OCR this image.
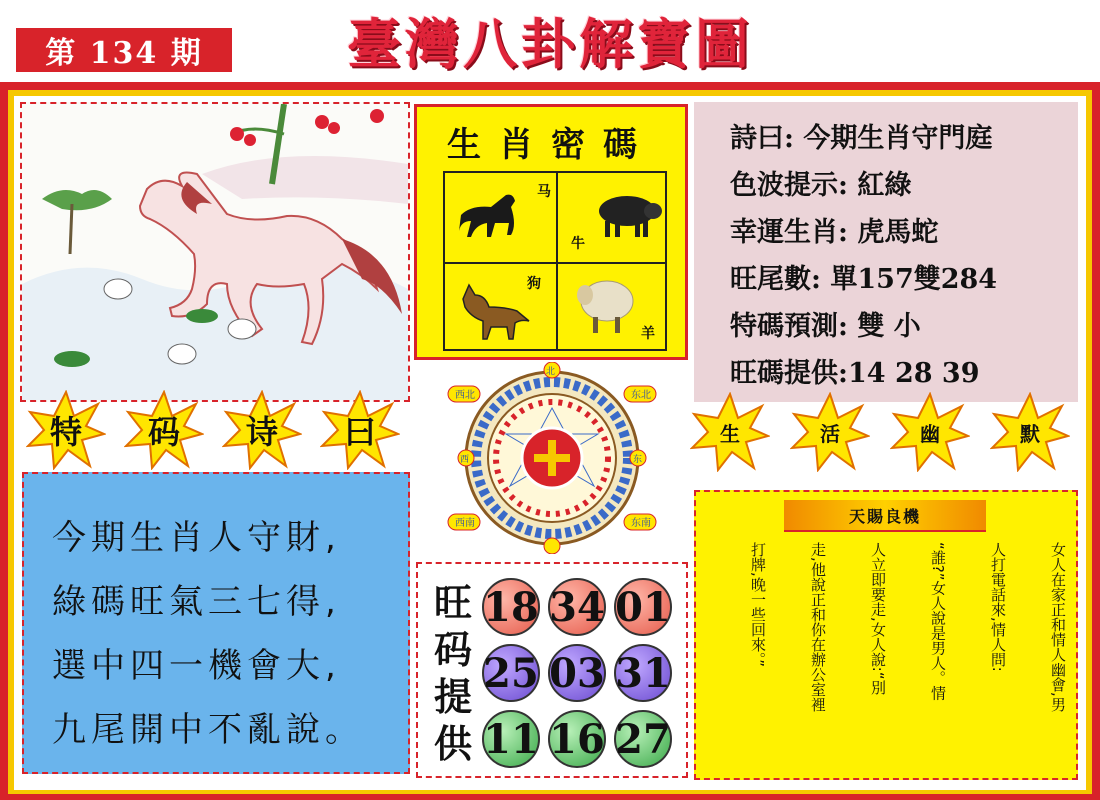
第 134 期	臺灣八卦解寶圖
生肖密碼
马
牛
狗
羊
詩曰: 今期生肖守門庭
色波提示: 紅綠
幸運生肖: 虎馬蛇
旺尾數: 單157雙284
特碼預測: 雙 小
旺碼提供:14 28 39
特	码	诗	曰	生	活	幽	默
西北	东北
西南	东南
北
西	东
今期生肖人守財,
綠碼旺氣三七得,
選中四一機會大,
九尾開中不亂說。
旺码提供
18 34 01
25 03 31
11 16 27
天賜良機
女人在家正和情人幽會,男
人打電話來,情人問:
“誰?”女人說是男人。情
人立即要走,女人說:“別
走,他說正和你在辦公室裡
打牌,晚一些回來。”
